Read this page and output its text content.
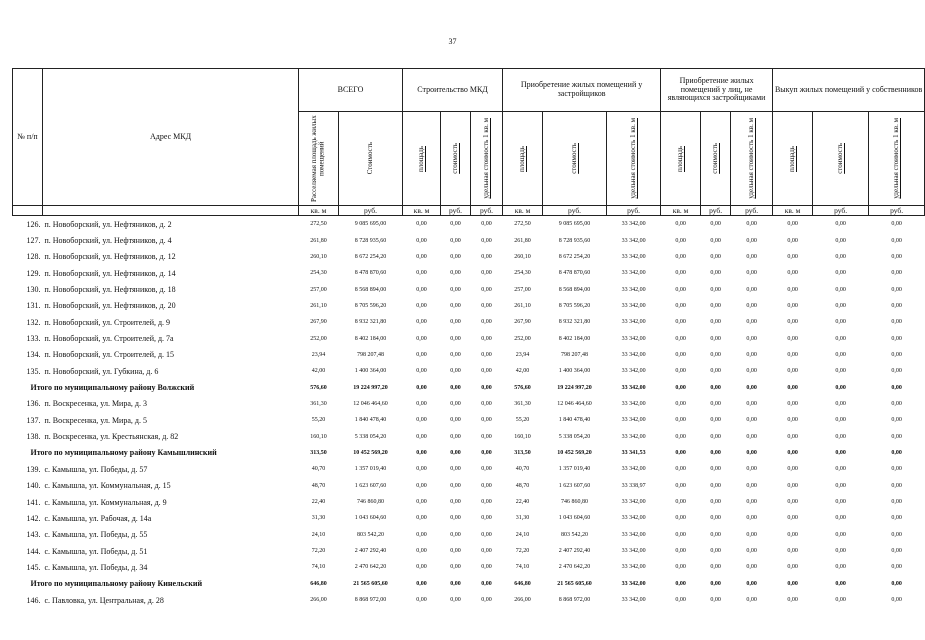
37
№ п/п	Адрес МКД	ВСЕГО		Строительство МКД			Приобретение жилых помещений у застройщиков			Приобретение жилых помещений у лиц, не являющихся застройщиками			Выкуп жилых помещений у собственников		

		Расселяемая площадь жилых помещений	Стоимость	площадь	стоимость	удельная стоимость 1 кв. м	площадь	стоимость	удельная стоимость 1 кв. м	площадь	стоимость	удельная стоимость 1 кв. м	площадь	стоимость	удельная стоимость 1 кв. м

		кв. м	руб.	кв. м	руб.	руб.	кв. м	руб.	руб.	кв. м	руб.	руб.	кв. м	руб.	руб.
126.	п. Новоборский, ул. Нефтяников, д. 2	272,50	9 085 695,00	0,00	0,00	0,00	272,50	9 085 695,00	33 342,00	0,00	0,00	0,00	0,00	0,00	0,00
127.	п. Новоборский, ул. Нефтяников, д. 4	261,80	8 728 935,60	0,00	0,00	0,00	261,80	8 728 935,60	33 342,00	0,00	0,00	0,00	0,00	0,00	0,00
128.	п. Новоборский, ул. Нефтяников, д. 12	260,10	8 672 254,20	0,00	0,00	0,00	260,10	8 672 254,20	33 342,00	0,00	0,00	0,00	0,00	0,00	0,00
129.	п. Новоборский, ул. Нефтяников, д. 14	254,30	8 478 870,60	0,00	0,00	0,00	254,30	8 478 870,60	33 342,00	0,00	0,00	0,00	0,00	0,00	0,00
130.	п. Новоборский, ул. Нефтяников, д. 18	257,00	8 568 894,00	0,00	0,00	0,00	257,00	8 568 894,00	33 342,00	0,00	0,00	0,00	0,00	0,00	0,00
131.	п. Новоборский, ул. Нефтяников, д. 20	261,10	8 705 596,20	0,00	0,00	0,00	261,10	8 705 596,20	33 342,00	0,00	0,00	0,00	0,00	0,00	0,00
132.	п. Новоборский, ул. Строителей, д. 9	267,90	8 932 321,80	0,00	0,00	0,00	267,90	8 932 321,80	33 342,00	0,00	0,00	0,00	0,00	0,00	0,00
133.	п. Новоборский, ул. Строителей, д. 7а	252,00	8 402 184,00	0,00	0,00	0,00	252,00	8 402 184,00	33 342,00	0,00	0,00	0,00	0,00	0,00	0,00
134.	п. Новоборский, ул. Строителей, д. 15	23,94	798 207,48	0,00	0,00	0,00	23,94	798 207,48	33 342,00	0,00	0,00	0,00	0,00	0,00	0,00
135.	п. Новоборский, ул. Губкина, д. 6	42,00	1 400 364,00	0,00	0,00	0,00	42,00	1 400 364,00	33 342,00	0,00	0,00	0,00	0,00	0,00	0,00
Итого по муниципальному району Волжский		576,60	19 224 997,20	0,00	0,00	0,00	576,60	19 224 997,20	33 342,00	0,00	0,00	0,00	0,00	0,00	0,00
136.	п. Воскресенка, ул. Мира, д. 3	361,30	12 046 464,60	0,00	0,00	0,00	361,30	12 046 464,60	33 342,00	0,00	0,00	0,00	0,00	0,00	0,00
137.	п. Воскресенка, ул. Мира, д. 5	55,20	1 840 478,40	0,00	0,00	0,00	55,20	1 840 478,40	33 342,00	0,00	0,00	0,00	0,00	0,00	0,00
138.	п. Воскресенка, ул. Крестьянская, д. 82	160,10	5 338 054,20	0,00	0,00	0,00	160,10	5 338 054,20	33 342,00	0,00	0,00	0,00	0,00	0,00	0,00
Итого по муниципальному району Камышлинский		313,50	10 452 569,20	0,00	0,00	0,00	313,50	10 452 569,20	33 341,53	0,00	0,00	0,00	0,00	0,00	0,00
139.	с. Камышла, ул. Победы, д. 57	40,70	1 357 019,40	0,00	0,00	0,00	40,70	1 357 019,40	33 342,00	0,00	0,00	0,00	0,00	0,00	0,00
140.	с. Камышла, ул. Коммунальная, д. 15	48,70	1 623 607,60	0,00	0,00	0,00	48,70	1 623 607,60	33 338,97	0,00	0,00	0,00	0,00	0,00	0,00
141.	с. Камышла, ул. Коммунальная, д. 9	22,40	746 860,80	0,00	0,00	0,00	22,40	746 860,80	33 342,00	0,00	0,00	0,00	0,00	0,00	0,00
142.	с. Камышла, ул. Рабочая, д. 14а	31,30	1 043 604,60	0,00	0,00	0,00	31,30	1 043 604,60	33 342,00	0,00	0,00	0,00	0,00	0,00	0,00
143.	с. Камышла, ул. Победы, д. 55	24,10	803 542,20	0,00	0,00	0,00	24,10	803 542,20	33 342,00	0,00	0,00	0,00	0,00	0,00	0,00
144.	с. Камышла, ул. Победы, д. 51	72,20	2 407 292,40	0,00	0,00	0,00	72,20	2 407 292,40	33 342,00	0,00	0,00	0,00	0,00	0,00	0,00
145.	с. Камышла, ул. Победы, д. 34	74,10	2 470 642,20	0,00	0,00	0,00	74,10	2 470 642,20	33 342,00	0,00	0,00	0,00	0,00	0,00	0,00
Итого по муниципальному району Кинельский		646,80	21 565 605,60	0,00	0,00	0,00	646,80	21 565 605,60	33 342,00	0,00	0,00	0,00	0,00	0,00	0,00
146.	с. Павловка, ул. Центральная, д. 28	266,00	8 868 972,00	0,00	0,00	0,00	266,00	8 868 972,00	33 342,00	0,00	0,00	0,00	0,00	0,00	0,00
